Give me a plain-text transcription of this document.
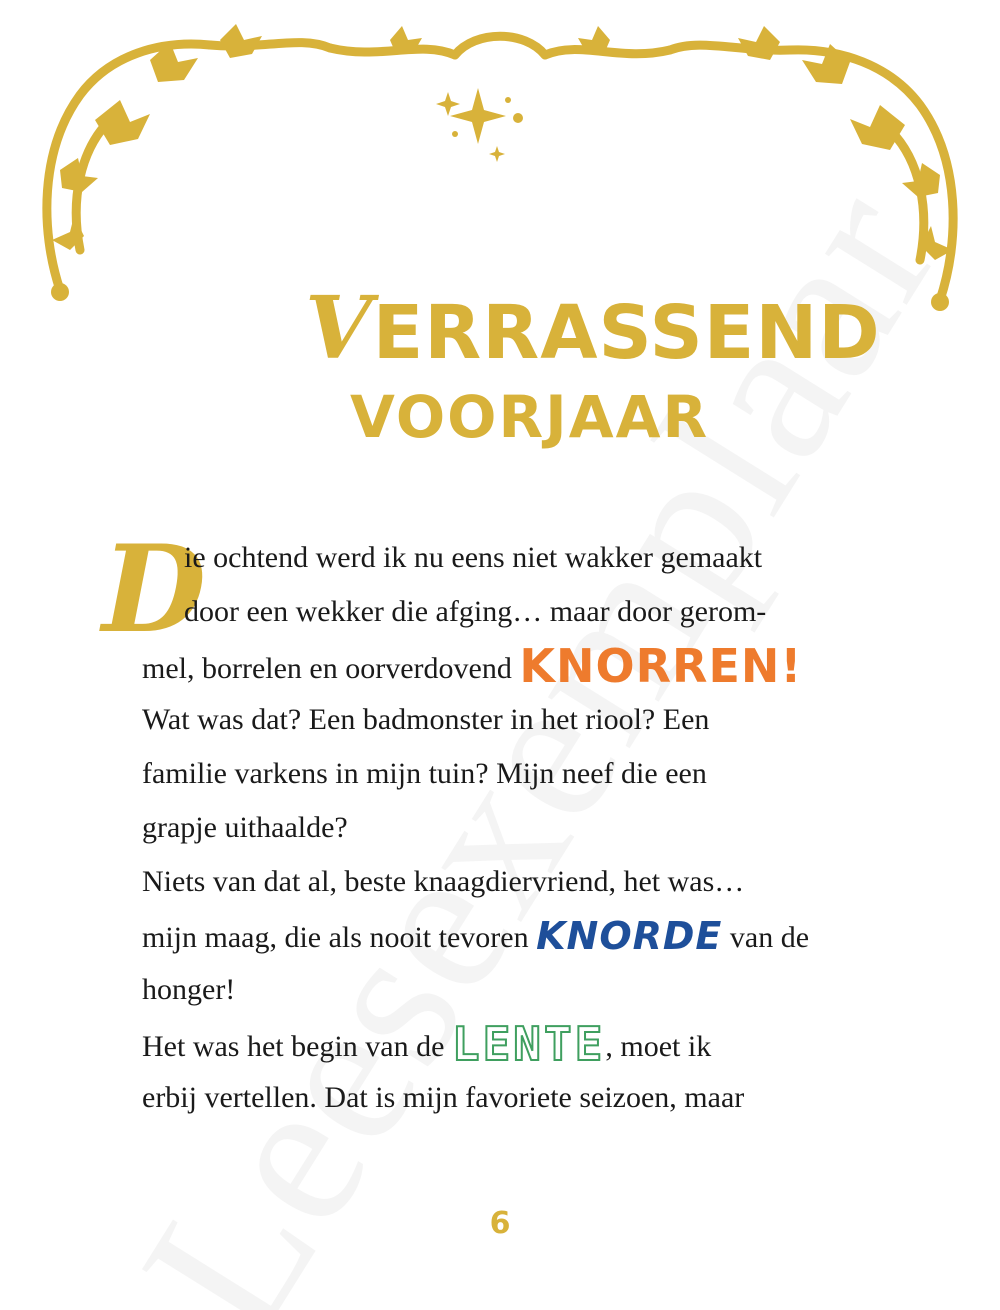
VERRASSEND
VOORJAAR
D
ie ochtend werd ik nu eens niet wakker gemaakt
door een wekker die afging… maar door gerom-
mel, borrelen en oorverdovend KNORREN!
Wat was dat? Een badmonster in het riool? Een
familie varkens in mijn tuin? Mijn neef die een
grapje uithaalde?
Niets van dat al, beste knaagdiervriend, het was…
mijn maag, die als nooit tevoren KNORDE van de
honger!
Het was het begin van de LENTE, moet ik
erbij vertellen. Dat is mijn favoriete seizoen, maar
6
